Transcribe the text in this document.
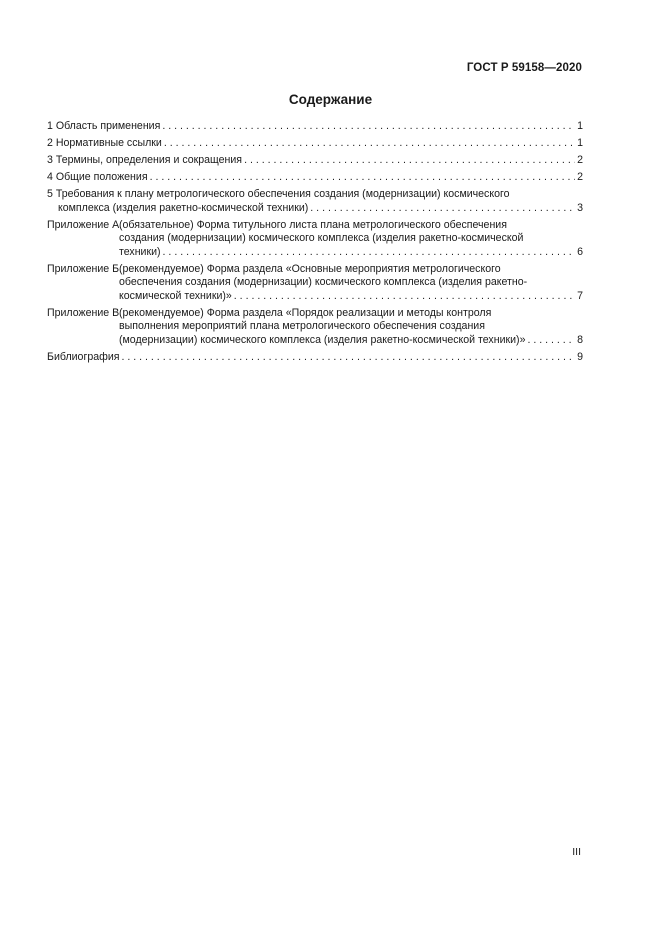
ГОСТ Р 59158—2020
Содержание
1 Область применения . . .	1
2 Нормативные ссылки . . .	1
3 Термины, определения и сокращения . . .	2
4 Общие положения . . .	2
5 Требования к плану метрологического обеспечения создания (модернизации) космического
комплекса (изделия ракетно-космической техники) . . .	3
Приложение А (обязательное) Форма титульного листа плана метрологического обеспечения
создания (модернизации) космического комплекса (изделия ракетно-космической
техники) . . .	6
Приложение Б (рекомендуемое) Форма раздела «Основные мероприятия метрологического
обеспечения создания (модернизации) космического комплекса (изделия ракетно-
космической техники)» . . .	7
Приложение В (рекомендуемое) Форма раздела «Порядок реализации и методы контроля
выполнения мероприятий плана метрологического обеспечения создания
(модернизации) космического комплекса (изделия ракетно-космической техники)» . . .	8
Библиография . . .	9
III
